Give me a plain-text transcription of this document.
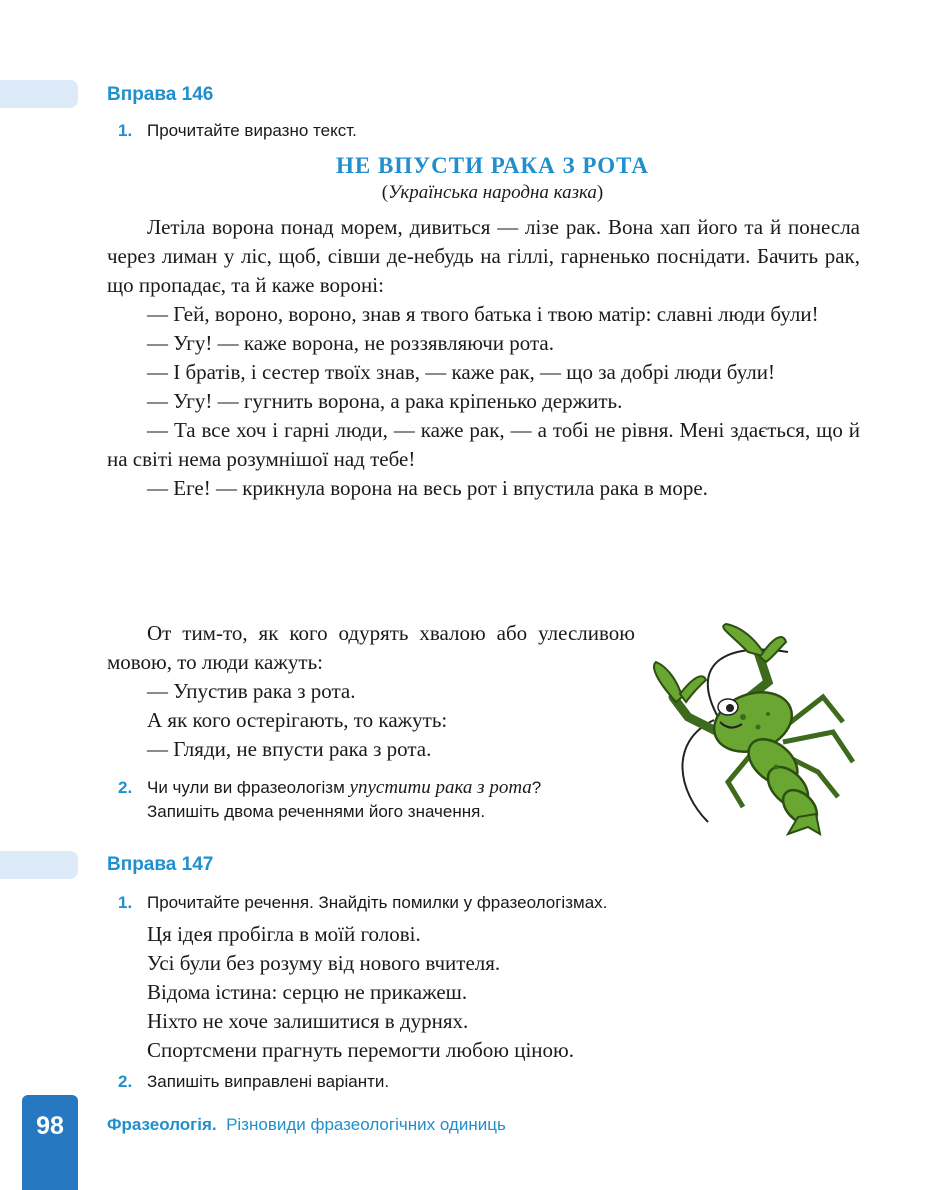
Вправа 146
1. Прочитайте виразно текст.
НЕ ВПУСТИ РАКА З РОТА
(Українська народна казка)

Летіла ворона понад морем, дивиться — лізе рак. Вона хап його та й понесла через лиман у ліс, щоб, сівши де-небудь на гіллі, гарненько поснідати. Бачить рак, що пропадає, та й каже вороні:

— Гей, вороно, вороно, знав я твого батька і твою матір: славні люди були!

— Угу! — каже ворона, не роззявляючи рота.

— І братів, і сестер твоїх знав, — каже рак, — що за добрі люди були!

— Угу! — гугнить ворона, а рака кріпенько держить.

— Та все хоч і гарні люди, — каже рак, — а тобі не рівня. Мені здається, що й на світі нема розумнішої над тебе!

— Еге! — крикнула ворона на весь рот і впустила рака в море.

От тим-то, як кого одурять хвалою або улесливою мовою, то люди кажуть:

— Упустив рака з рота.

А як кого остерігають, то кажуть:

— Гляди, не впусти рака з рота.

2. Чи чули ви фразеологізм упустити рака з рота?
Запишіть двома реченнями його значення.
Вправа 147
1. Прочитайте речення. Знайдіть помилки у фразеологізмах.
Ця ідея пробігла в моїй голові.
Усі були без розуму від нового вчителя.
Відома істина: серцю не прикажеш.
Ніхто не хоче залишитися в дурнях.
Спортсмени прагнуть перемогти любою ціною.
2. Запишіть виправлені варіанти.
98	Фразеологія. Різновиди фразеологічних одиниць
